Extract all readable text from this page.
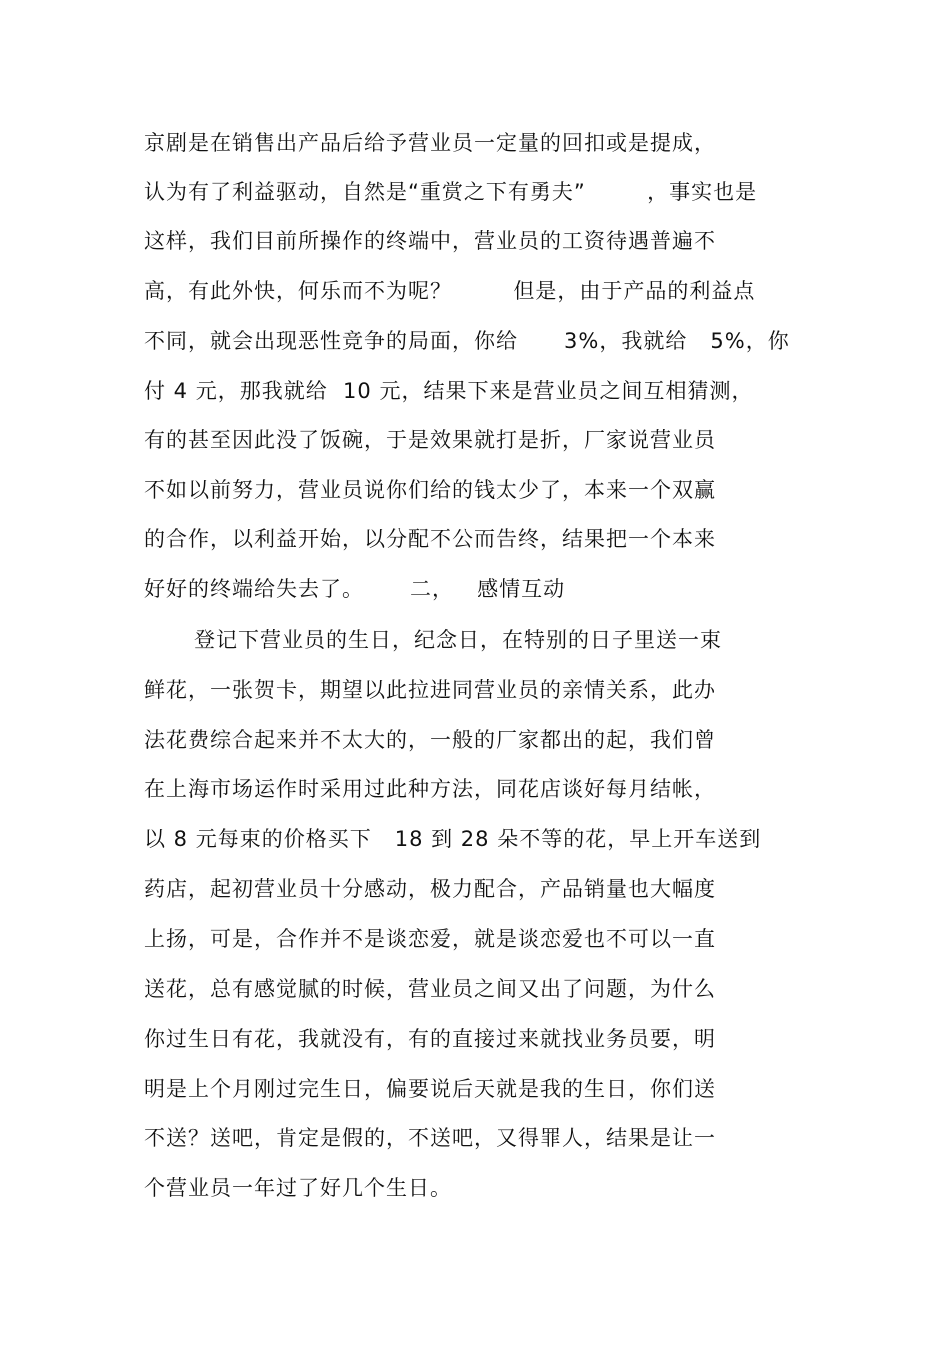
京剧是在销售出产品后给予营业员一定量的回扣或是提成，
认为有了利益驱动，自然是“重赏之下有勇夫”        ，事实也是
这样，我们目前所操作的终端中，营业员的工资待遇普遍不
高，有此外快，何乐而不为呢？        但是，由于产品的利益点
不同，就会出现恶性竞争的局面，你给      3%，我就给   5%，你
付 4 元，那我就给  10 元，结果下来是营业员之间互相猜测，
有的甚至因此没了饭碗，于是效果就打是折，厂家说营业员
不如以前努力，营业员说你们给的钱太少了，本来一个双赢
的合作，以利益开始，以分配不公而告终，结果把一个本来
好好的终端给失去了。      二，   感情互动
登记下营业员的生日，纪念日，在特别的日子里送一束
鲜花，一张贺卡，期望以此拉进同营业员的亲情关系，此办
法花费综合起来并不太大的，一般的厂家都出的起，我们曾
在上海市场运作时采用过此种方法，同花店谈好每月结帐，
以 8 元每束的价格买下   18 到 28 朵不等的花，早上开车送到
药店，起初营业员十分感动，极力配合，产品销量也大幅度
上扬，可是，合作并不是谈恋爱，就是谈恋爱也不可以一直
送花，总有感觉腻的时候，营业员之间又出了问题，为什么
你过生日有花，我就没有，有的直接过来就找业务员要，明
明是上个月刚过完生日，偏要说后天就是我的生日，你们送
不送？送吧，肯定是假的，不送吧，又得罪人，结果是让一
个营业员一年过了好几个生日。
